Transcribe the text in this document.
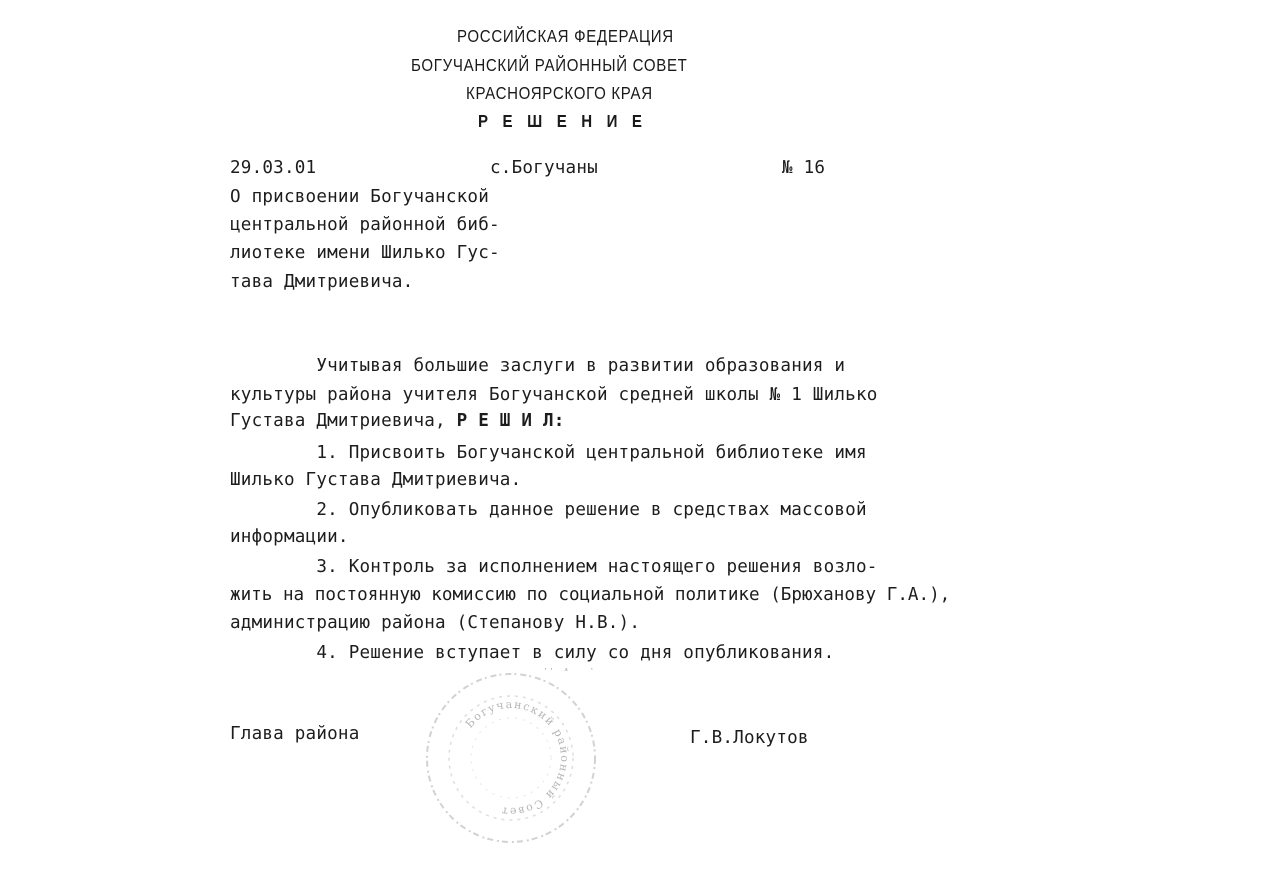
РОССИЙСКАЯ ФЕДЕРАЦИЯ
БОГУЧАНСКИЙ РАЙОННЫЙ СОВЕТ
КРАСНОЯРСКОГО КРАЯ
Р Е Ш Е Н И Е
29.03.01	с.Богучаны	№ 16
О присвоении Богучанской
центральной районной биб-
лиотеке имени Шилько Гус-
тава Дмитриевича.
Учитывая большие заслуги в развитии образования и
культуры района учителя Богучанской средней школы № 1 Шилько
Густава Дмитриевича, Р Е Ш И Л:
1. Присвоить Богучанской центральной библиотеке имя
Шилько Густава Дмитриевича.
2. Опубликовать данное решение в средствах массовой
информации.
3. Контроль за исполнением настоящего решения возло-
жить на постоянную комиссию по социальной политике (Брюханову Г.А.),
администрацию района (Степанову Н.В.).
4. Решение вступает в силу со дня опубликования.
Глава района	Г.В.Локутов
Богучанский районный Совет
